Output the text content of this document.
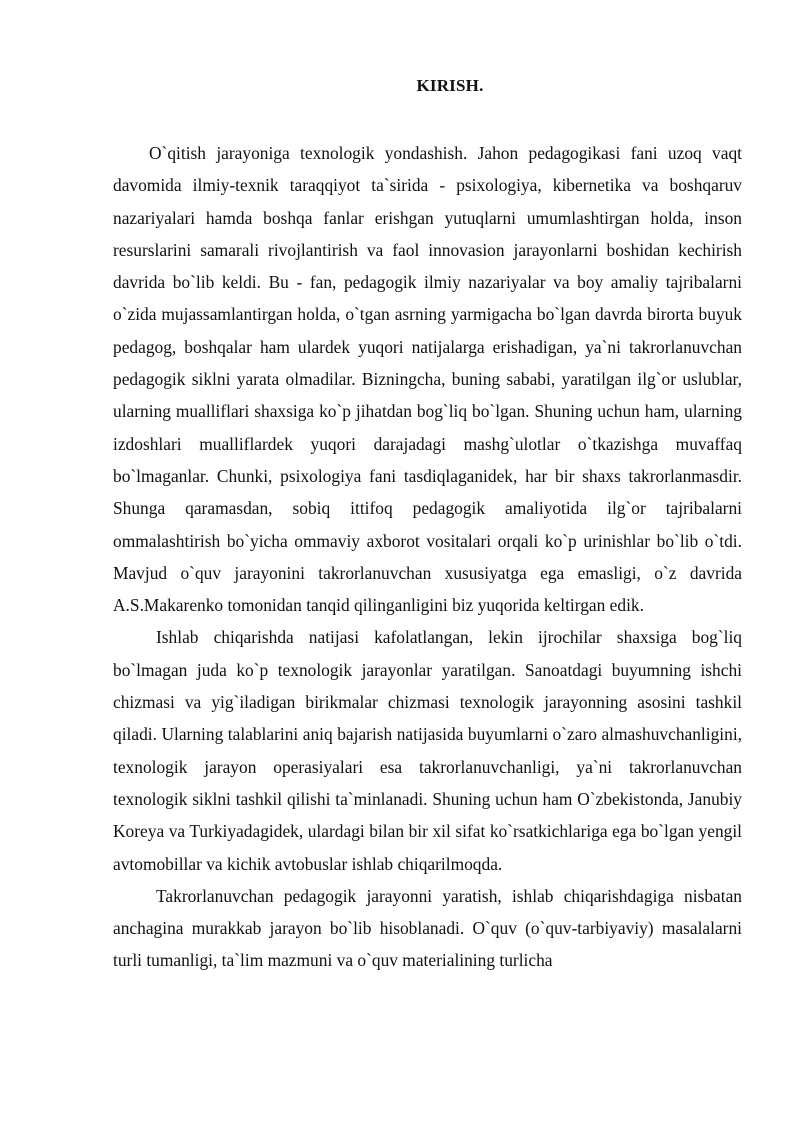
KIRISH.

O`qitish jarayoniga texnologik yondashish. Jahon pedagogikasi fani uzoq vaqt davomida ilmiy-texnik taraqqiyot ta`sirida - psixologiya, kibernetika va boshqaruv nazariyalari hamda boshqa fanlar erishgan yutuqlarni umumlashtirgan holda, inson resurslarini samarali rivojlantirish va faol innovasion jarayonlarni boshidan kechirish davrida bo`lib keldi. Bu - fan, pedagogik ilmiy nazariyalar va boy amaliy tajribalarni o`zida mujassamlantirgan holda, o`tgan asrning yarmigacha bo`lgan davrda birorta buyuk pedagog, boshqalar ham ulardek yuqori natijalarga erishadigan, ya`ni takrorlanuvchan pedagogik siklni yarata olmadilar. Bizningcha, buning sababi, yaratilgan ilg`or uslublar, ularning mualliflari shaxsiga ko`p jihatdan bog`liq bo`lgan. Shuning uchun ham, ularning izdoshlari mualliflardek yuqori darajadagi mashg`ulotlar o`tkazishga muvaffaq bo`lmaganlar. Chunki, psixologiya fani tasdiqlaganidek, har bir shaxs takrorlanmasdir. Shunga qaramasdan, sobiq ittifoq pedagogik amaliyotida ilg`or tajribalarni ommalashtirish bo`yicha ommaviy axborot vositalari orqali ko`p urinishlar bo`lib o`tdi. Mavjud o`quv jarayonini takrorlanuvchan xususiyatga ega emasligi, o`z davrida A.S.Makarenko tomonidan tanqid qilinganligini biz yuqorida keltirgan edik.

Ishlab chiqarishda natijasi kafolatlangan, lekin ijrochilar shaxsiga bog`liq bo`lmagan juda ko`p texnologik jarayonlar yaratilgan. Sanoatdagi buyumning ishchi chizmasi va yig`iladigan birikmalar chizmasi texnologik jarayonning asosini tashkil qiladi. Ularning talablarini aniq bajarish natijasida buyumlarni o`zaro almashuvchanligini, texnologik jarayon operasiyalari esa takrorlanuvchanligi, ya`ni takrorlanuvchan texnologik siklni tashkil qilishi ta`minlanadi. Shuning uchun ham O`zbekistonda, Janubiy Koreya va Turkiyadagidek, ulardagi bilan bir xil sifat ko`rsatkichlariga ega bo`lgan yengil avtomobillar va kichik avtobuslar ishlab chiqarilmoqda.

Takrorlanuvchan pedagogik jarayonni yaratish, ishlab chiqarishdagiga nisbatan anchagina murakkab jarayon bo`lib hisoblanadi. O`quv (o`quv-tarbiyaviy) masalalarni turli tumanligi, ta`lim mazmuni va o`quv materialining turlicha
